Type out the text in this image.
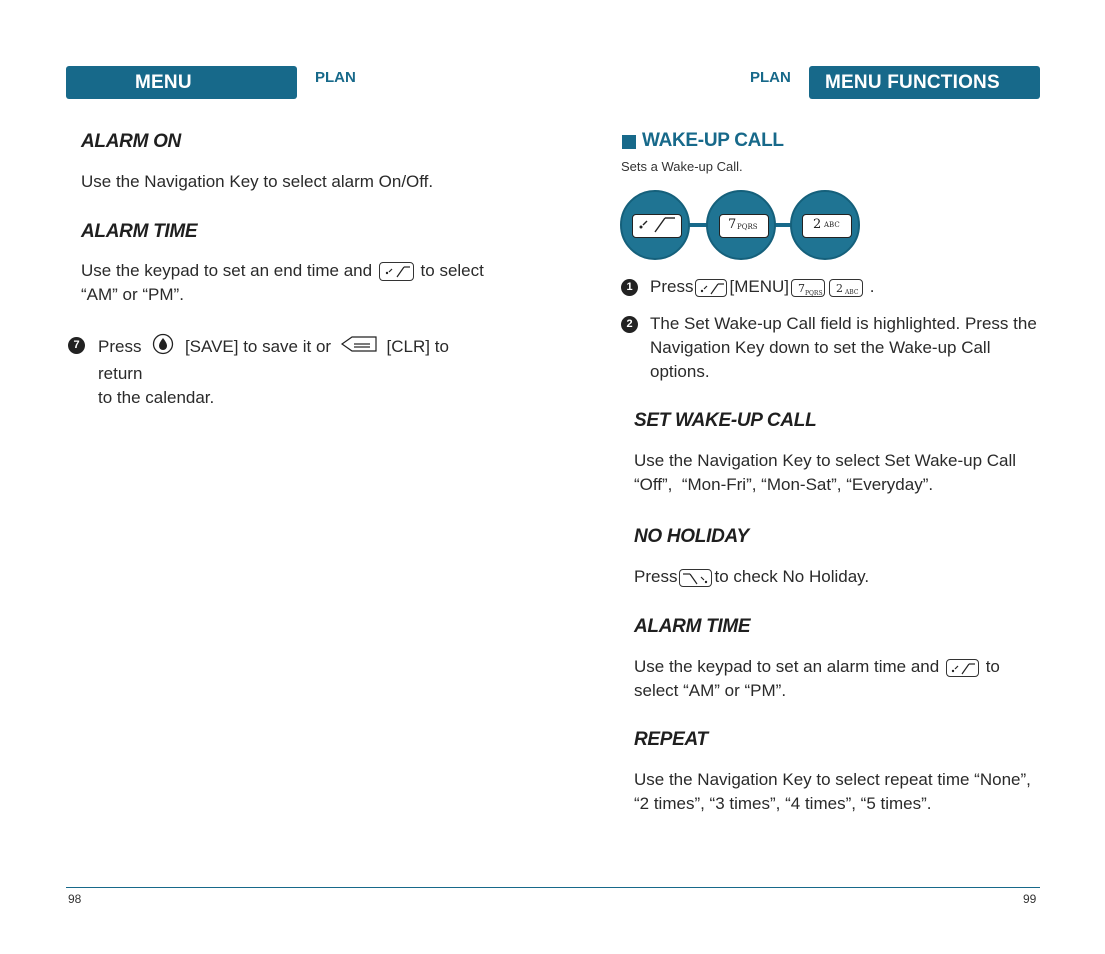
MENU FUNCTIONS
PLAN
ALARM ON
Use the Navigation Key to select alarm On/Off.
ALARM TIME
Use the keypad to set an end time and	to select
“AM” or “PM”.
7	Press	[SAVE] to save it or	[CLR] to return
to the calendar.
98
PLAN MENU FUNCTIONS
WAKE-UP CALL
Sets a Wake-up Call.
7 PQRS	2 ABC
1	Press [MENU] 7 PQRS 2 ABC .
2	The Set Wake-up Call field is highlighted. Press the
Navigation Key down to set the Wake-up Call
options.
SET WAKE-UP CALL
Use the Navigation Key to select Set Wake-up Call
“Off”,  “Mon-Fri”, “Mon-Sat”, “Everyday”.
NO HOLIDAY
Press to check No Holiday.
ALARM TIME
Use the keypad to set an alarm time and	to
select “AM” or “PM”.
REPEAT
Use the Navigation Key to select repeat time “None”,
“2 times”, “3 times”, “4 times”, “5 times”.
99
